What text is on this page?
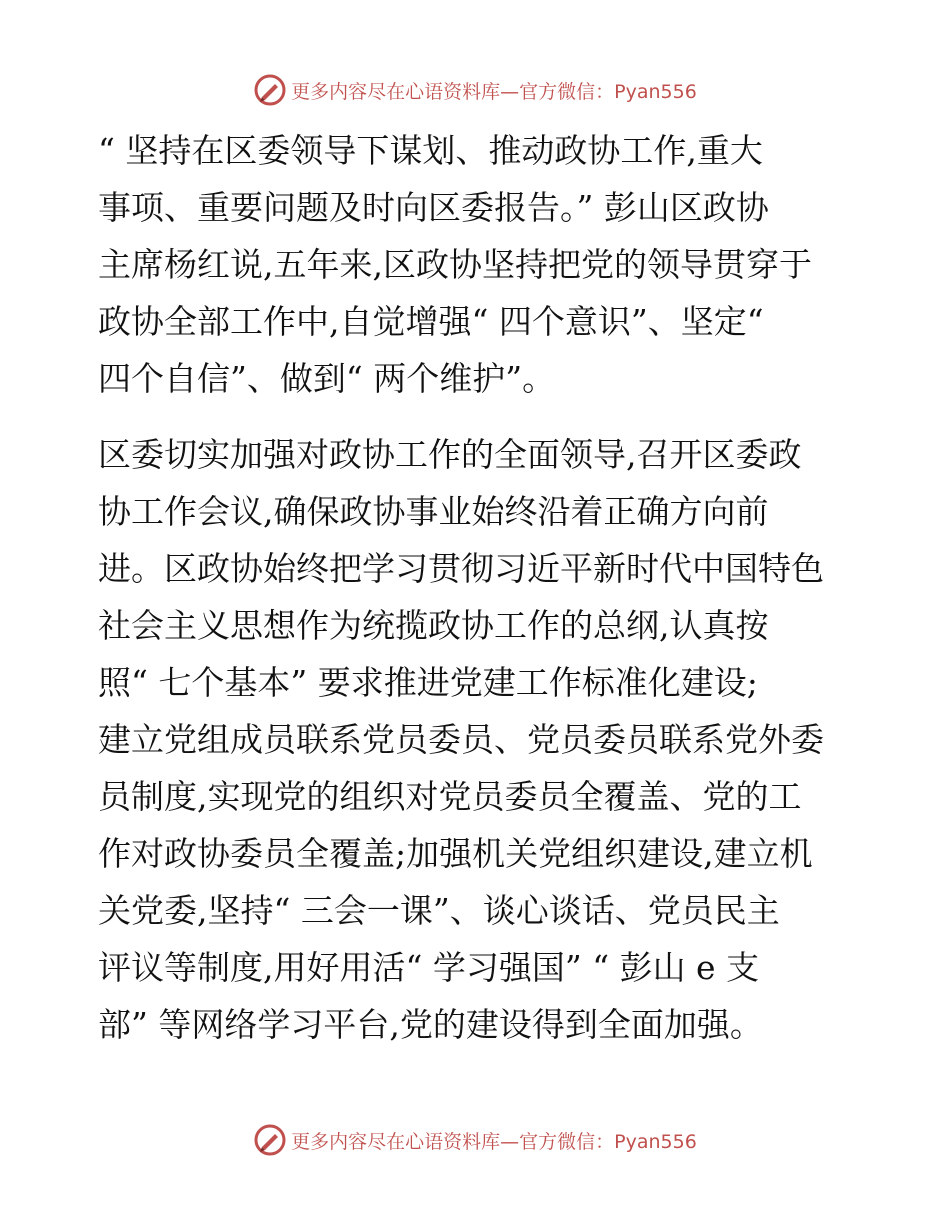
更多内容尽在心语资料库—官方微信：Pyan556
“ 坚持在区委领导下谋划、推动政协工作,重大
事项、重要问题及时向区委报告。” 彭山区政协
主席杨红说,五年来,区政协坚持把党的领导贯穿于
政协全部工作中,自觉增强“ 四个意识”、坚定“
四个自信”、做到“ 两个维护”。
区委切实加强对政协工作的全面领导,召开区委政
协工作会议,确保政协事业始终沿着正确方向前
进。区政协始终把学习贯彻习近平新时代中国特色
社会主义思想作为统揽政协工作的总纲,认真按
照“ 七个基本” 要求推进党建工作标准化建设;
建立党组成员联系党员委员、党员委员联系党外委
员制度,实现党的组织对党员委员全覆盖、党的工
作对政协委员全覆盖;加强机关党组织建设,建立机
关党委,坚持“ 三会一课”、谈心谈话、党员民主
评议等制度,用好用活“ 学习强国” “ 彭山 e 支
部” 等网络学习平台,党的建设得到全面加强。
更多内容尽在心语资料库—官方微信：Pyan556
